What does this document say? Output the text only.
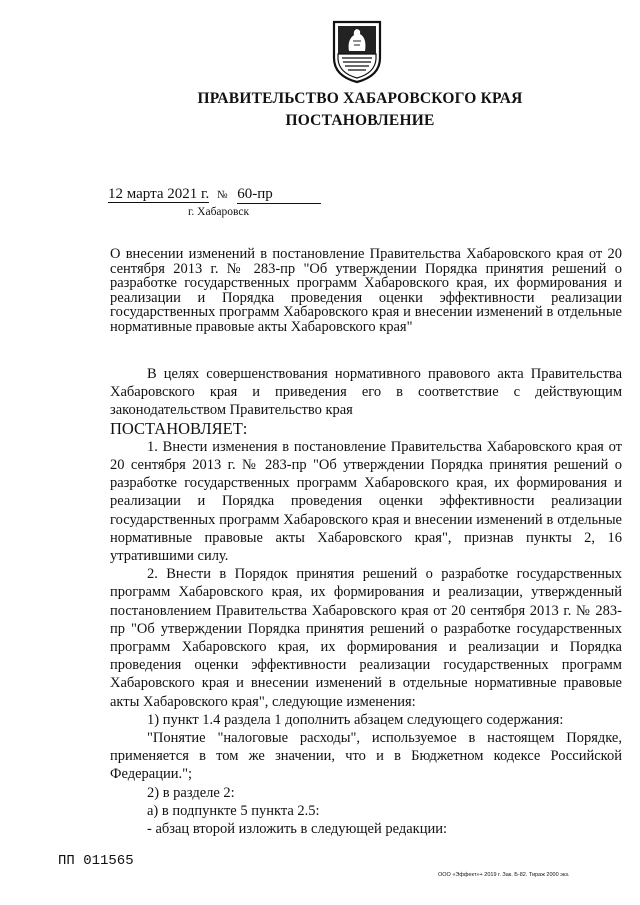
ПРАВИТЕЛЬСТВО ХАБАРОВСКОГО КРАЯ
ПОСТАНОВЛЕНИЕ
12 марта 2021 г. № 60-пр
г. Хабаровск
О внесении изменений в постановление Правительства Хабаровского края от 20 сентября 2013 г. № 283-пр "Об утверждении Порядка принятия решений о разработке государственных программ Хабаровского края, их формирования и реализации и Порядка проведения оценки эффективности реализации государственных программ Хабаровского края и внесении изменений в отдельные нормативные правовые акты Хабаровского края"

В целях совершенствования нормативного правового акта Правительства Хабаровского края и приведения его в соответствие с действующим законодательством Правительство края

ПОСТАНОВЛЯЕТ:

1. Внести изменения в постановление Правительства Хабаровского края от 20 сентября 2013 г. № 283-пр "Об утверждении Порядка принятия решений о разработке государственных программ Хабаровского края, их формирования и реализации и Порядка проведения оценки эффективности реализации государственных программ Хабаровского края и внесении изменений в отдельные нормативные правовые акты Хабаровского края", признав пункты 2, 16 утратившими силу.

2. Внести в Порядок принятия решений о разработке государственных программ Хабаровского края, их формирования и реализации, утвержденный постановлением Правительства Хабаровского края от 20 сентября 2013 г. № 283-пр "Об утверждении Порядка принятия решений о разработке государственных программ Хабаровского края, их формирования и реализации и Порядка проведения оценки эффективности реализации государственных программ Хабаровского края и внесении изменений в отдельные нормативные правовые акты Хабаровского края", следующие изменения:

1) пункт 1.4 раздела 1 дополнить абзацем следующего содержания:

"Понятие "налоговые расходы", используемое в настоящем Порядке, применяется в том же значении, что и в Бюджетном кодексе Российской Федерации.";

2) в разделе 2:

а) в подпункте 5 пункта 2.5:

- абзац второй изложить в следующей редакции:

ПП 011565
ООО «Эффект»+ 2019 г. Зак. Б-82. Тираж 2000 экз.
